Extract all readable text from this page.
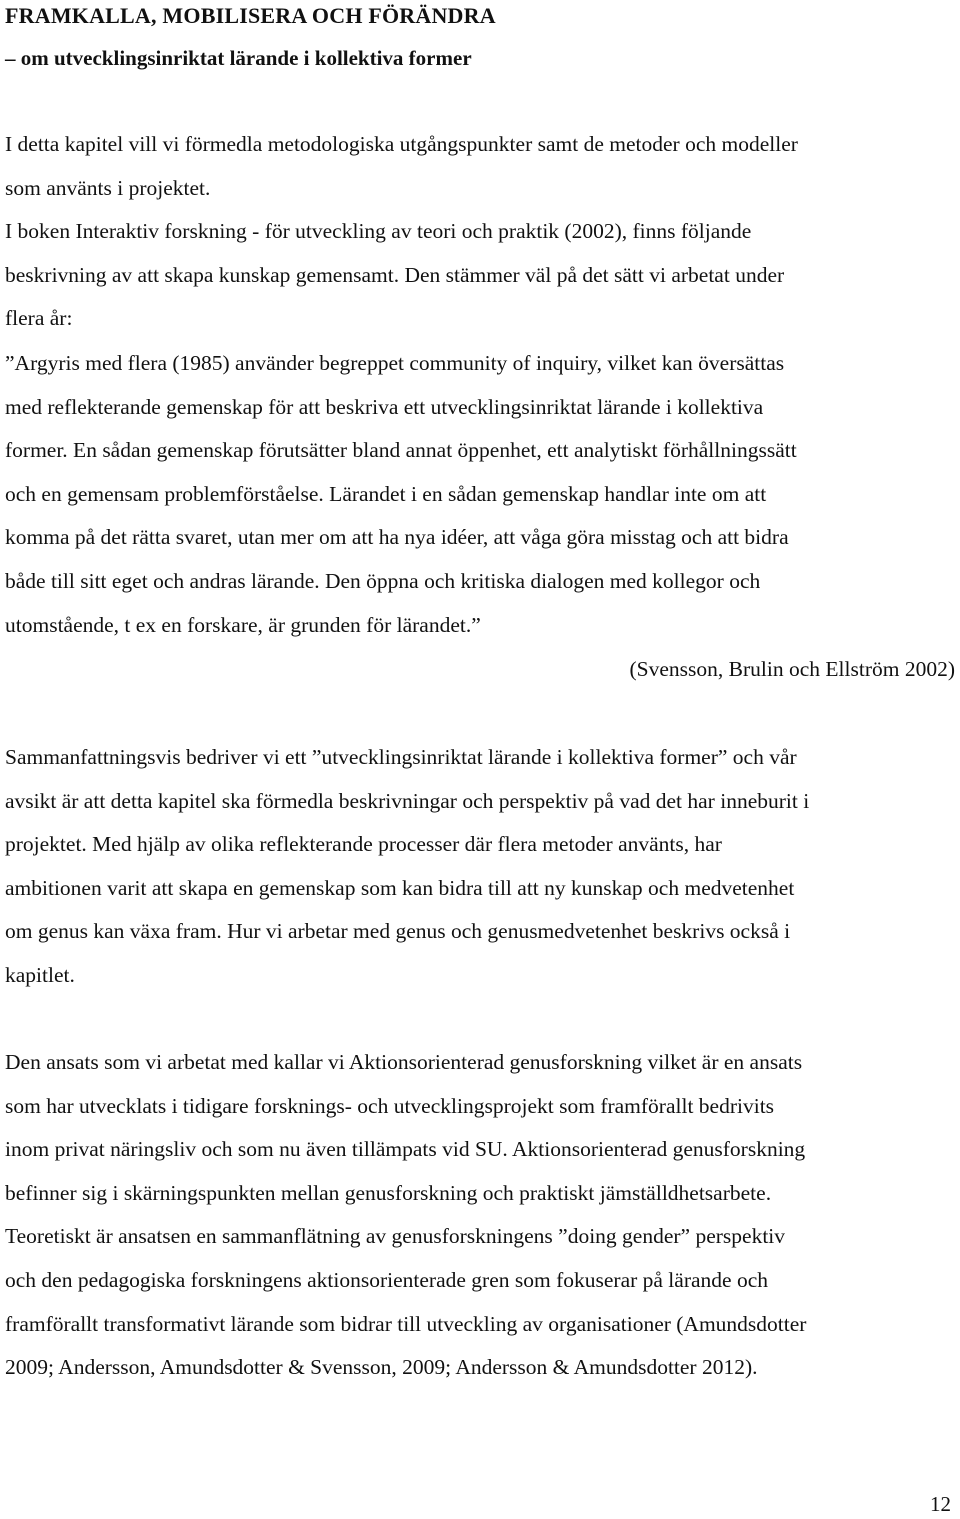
FRAMKALLA, MOBILISERA OCH FÖRÄNDRA
– om utvecklingsinriktat lärande i kollektiva former

I detta kapitel vill vi förmedla metodologiska utgångspunkter samt de metoder och modeller
som använts i projektet.
I boken Interaktiv forskning - för utveckling av teori och praktik (2002), finns följande
beskrivning av att skapa kunskap gemensamt. Den stämmer väl på det sätt vi arbetat under
flera år:

”Argyris med flera (1985) använder begreppet community of inquiry, vilket kan översättas
med reflekterande gemenskap för att beskriva ett utvecklingsinriktat lärande i kollektiva
former. En sådan gemenskap förutsätter bland annat öppenhet, ett analytiskt förhållningssätt
och en gemensam problemförståelse. Lärandet i en sådan gemenskap handlar inte om att
komma på det rätta svaret, utan mer om att ha nya idéer, att våga göra misstag och att bidra
både till sitt eget och andras lärande. Den öppna och kritiska dialogen med kollegor och
utomstående, t ex en forskare, är grunden för lärandet.”

(Svensson, Brulin och Ellström 2002)

Sammanfattningsvis bedriver vi ett ”utvecklingsinriktat lärande i kollektiva former” och vår
avsikt är att detta kapitel ska förmedla beskrivningar och perspektiv på vad det har inneburit i
projektet. Med hjälp av olika reflekterande processer där flera metoder använts, har
ambitionen varit att skapa en gemenskap som kan bidra till att ny kunskap och medvetenhet
om genus kan växa fram. Hur vi arbetar med genus och genusmedvetenhet beskrivs också i
kapitlet.

Den ansats som vi arbetat med kallar vi Aktionsorienterad genusforskning vilket är en ansats
som har utvecklats i tidigare forsknings- och utvecklingsprojekt som framförallt bedrivits
inom privat näringsliv och som nu även tillämpats vid SU. Aktionsorienterad genusforskning
befinner sig i skärningspunkten mellan genusforskning och praktiskt jämställdhetsarbete.
Teoretiskt är ansatsen en sammanflätning av genusforskningens ”doing gender” perspektiv
och den pedagogiska forskningens aktionsorienterade gren som fokuserar på lärande och
framförallt transformativt lärande som bidrar till utveckling av organisationer (Amundsdotter
2009; Andersson, Amundsdotter & Svensson, 2009; Andersson & Amundsdotter 2012).

12
